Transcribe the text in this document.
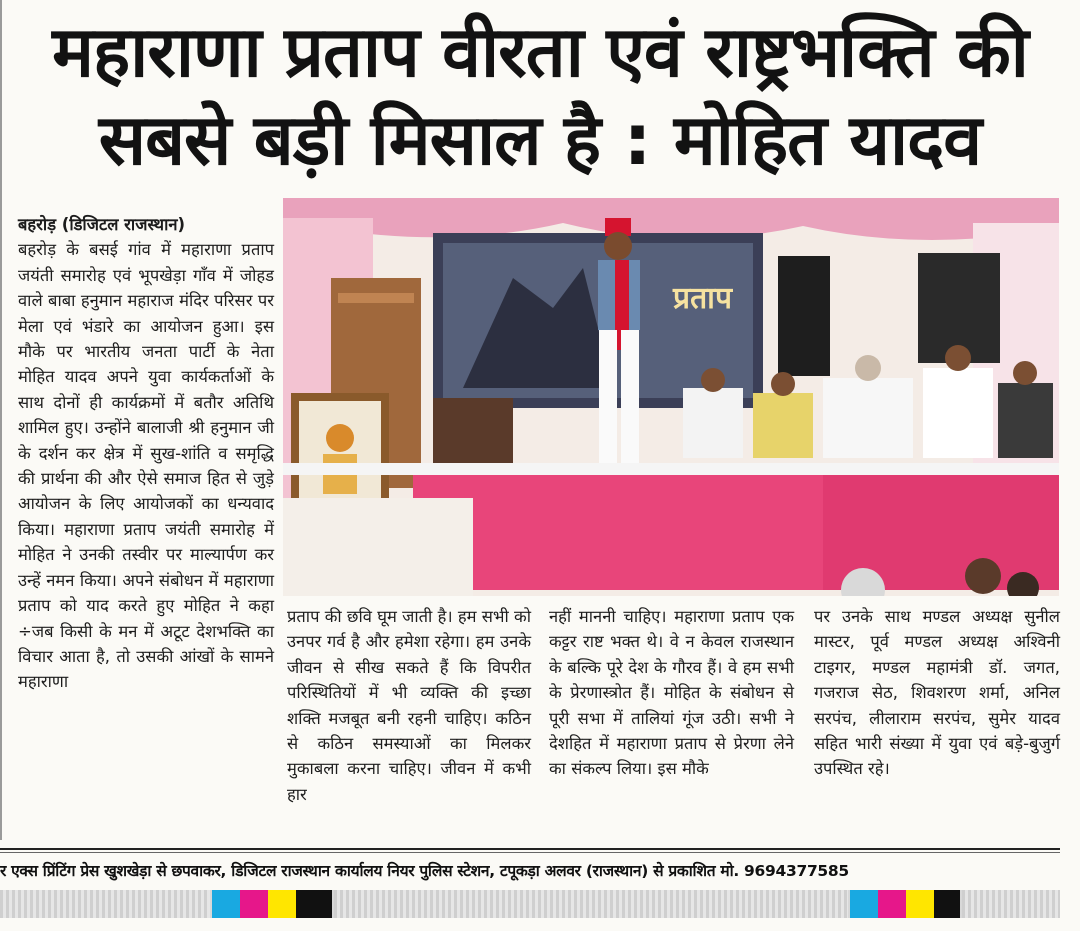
महाराणा प्रताप वीरता एवं राष्ट्रभक्ति की
सबसे बड़ी मिसाल है : मोहित यादव
बहरोड़ (डिजिटल राजस्थान)
बहरोड़ के बसई गांव में महाराणा प्रताप जयंती समारोह एवं भूपखेड़ा गाँव में जोहड वाले बाबा हनुमान महाराज मंदिर परिसर पर मेला एवं भंडारे का आयोजन हुआ। इस मौके पर भारतीय जनता पार्टी के नेता मोहित यादव अपने युवा कार्यकर्ताओं के साथ दोनों ही कार्यक्रमों में बतौर अतिथि शामिल हुए। उन्होंने बालाजी श्री हनुमान जी के दर्शन कर क्षेत्र में सुख-शांति व समृद्धि की प्रार्थना की और ऐसे समाज हित से जुड़े आयोजन के लिए आयोजकों का धन्यवाद किया। महाराणा प्रताप जयंती समारोह में मोहित ने उनकी तस्वीर पर माल्यार्पण कर उन्हें नमन किया। अपने संबोधन में महाराणा प्रताप को याद करते हुए मोहित ने कहा ÷जब किसी के मन में अटूट देशभक्ति का विचार आता है, तो उसकी आंखों के सामने महाराणा
प्रताप
प्रताप की छवि घूम जाती है। हम सभी को उनपर गर्व है और हमेशा रहेगा। हम उनके जीवन से सीख सकते हैं कि विपरीत परिस्थितियों में भी व्यक्ति की इच्छा शक्ति मजबूत बनी रहनी चाहिए। कठिन से कठिन समस्याओं का मिलकर मुकाबला करना चाहिए। जीवन में कभी हार
नहीं माननी चाहिए। महाराणा प्रताप एक कट्टर राष्ट भक्त थे। वे न केवल राजस्थान के बल्कि पूरे देश के गौरव हैं। वे हम सभी के प्रेरणास्त्रोत हैं। मोहित के संबोधन से पूरी सभा में तालियां गूंज उठी। सभी ने देशहित में महाराणा प्रताप से प्रेरणा लेने का संकल्प लिया। इस मौके
पर उनके साथ मण्डल अध्यक्ष सुनील मास्टर, पूर्व मण्डल अध्यक्ष अश्विनी टाइगर, मण्डल महामंत्री डॉ. जगत, गजराज सेठ, शिवशरण शर्मा, अनिल सरपंच, लीलाराम सरपंच, सुमेर यादव सहित भारी संख्या में युवा एवं बड़े-बुजुर्ग उपस्थित रहे।
र एक्स प्रिंटिंग प्रेस खुशखेड़ा से छपवाकर, डिजिटल राजस्थान कार्यालय नियर पुलिस स्टेशन, टपूकड़ा अलवर (राजस्थान) से प्रकाशित मो. 9694377585
